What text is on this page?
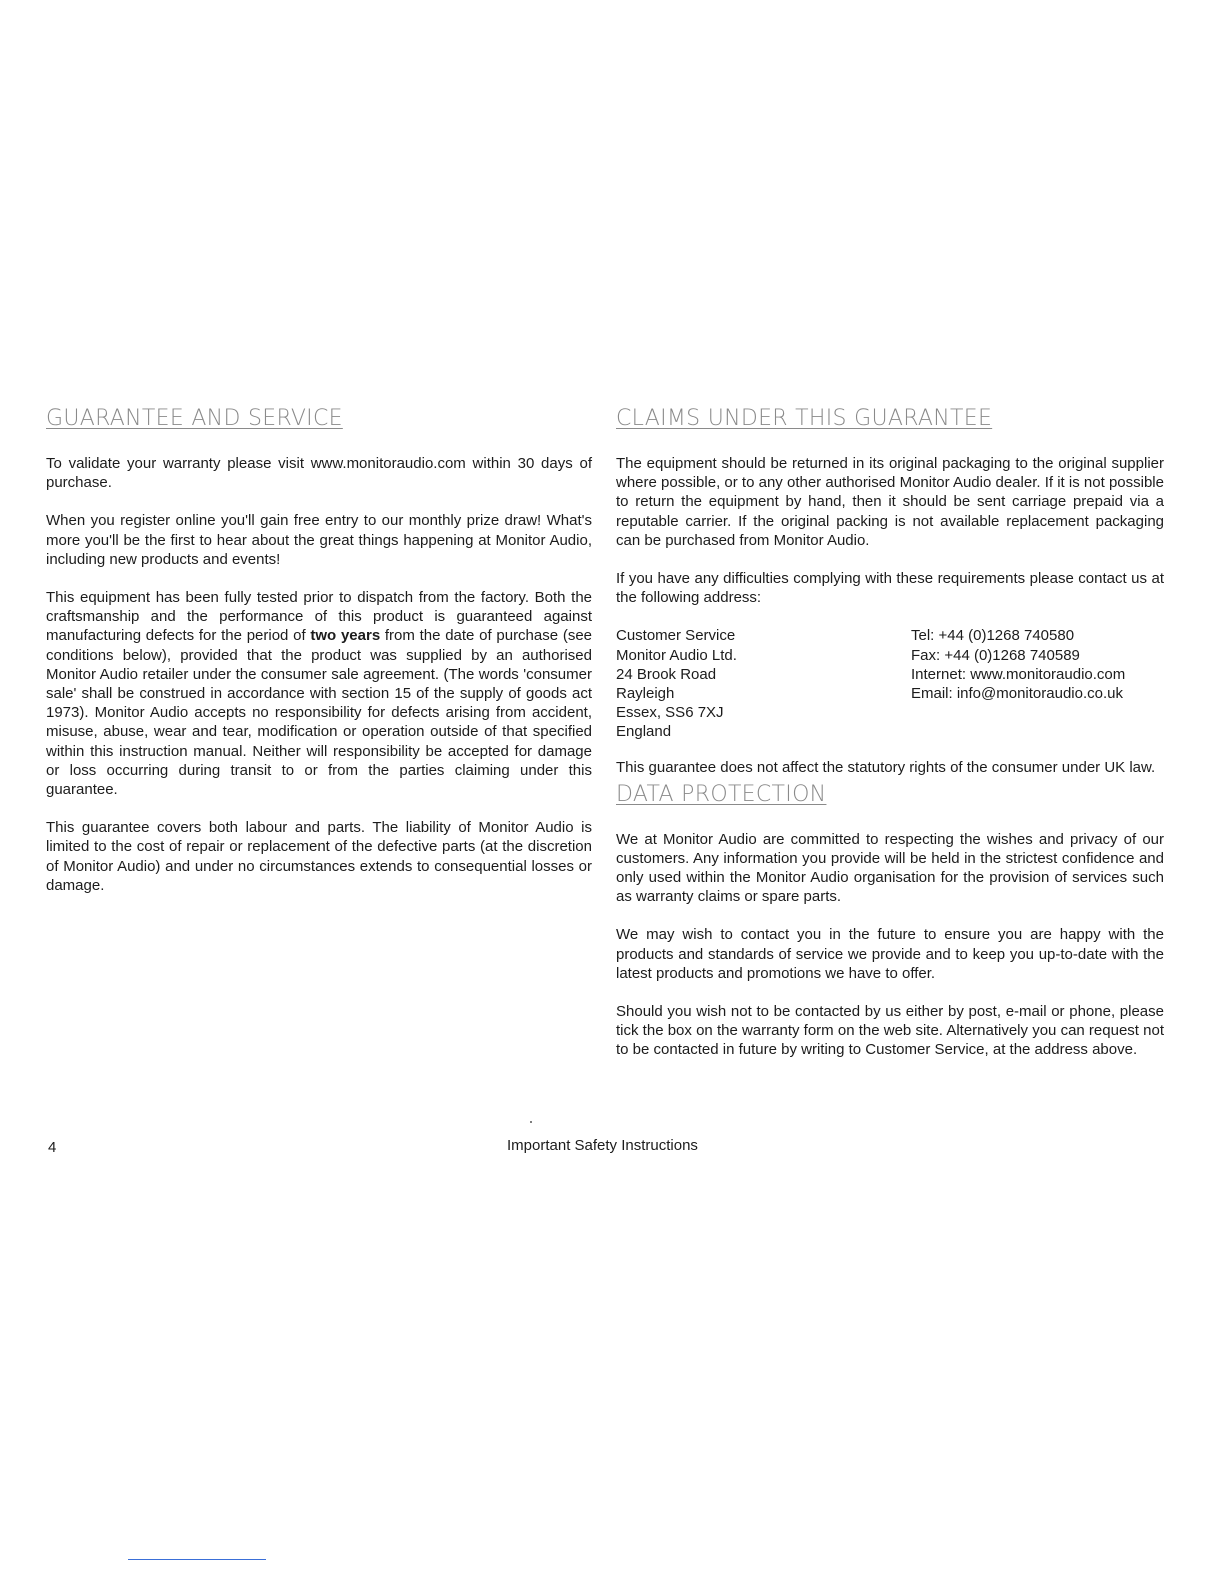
GUARANTEE AND SERVICE

To validate your warranty please visit www.monitoraudio.com within 30 days of purchase.

When you register online you'll gain free entry to our monthly prize draw! What's more you'll be the first to hear about the great things happening at Monitor Audio, including new products and events!

This equipment has been fully tested prior to dispatch from the factory. Both the craftsmanship and the performance of this product is guaranteed against manufacturing defects for the period of two years from the date of purchase (see conditions below), provided that the product was supplied by an authorised Monitor Audio retailer under the consumer sale agreement. (The words 'consumer sale' shall be construed in accordance with section 15 of the supply of goods act 1973). Monitor Audio accepts no responsibility for defects arising from accident, misuse, abuse, wear and tear, modification or operation outside of that specified within this instruction manual. Neither will responsibility be accepted for damage or loss occurring during transit to or from the parties claiming under this guarantee.

This guarantee covers both labour and parts. The liability of Monitor Audio is limited to the cost of repair or replacement of the defective parts (at the discretion of Monitor Audio) and under no circumstances extends to consequential losses or damage.

CLAIMS UNDER THIS GUARANTEE

The equipment should be returned in its original packaging to the original supplier where possible, or to any other authorised Monitor Audio dealer. If it is not possible to return the equipment by hand, then it should be sent carriage prepaid via a reputable carrier. If the original packing is not available replacement packaging can be purchased from Monitor Audio.

If you have any difficulties complying with these requirements please contact us at the following address:

Customer Service
Monitor Audio Ltd.
24 Brook Road
Rayleigh
Essex, SS6 7XJ
England
Tel: +44 (0)1268 740580
Fax: +44 (0)1268 740589
Internet: www.monitoraudio.com
Email: info@monitoraudio.co.uk

This guarantee does not affect the statutory rights of the consumer under UK law.

DATA PROTECTION

We at Monitor Audio are committed to respecting the wishes and privacy of our customers. Any information you provide will be held in the strictest confidence and only used within the Monitor Audio organisation for the provision of services such as warranty claims or spare parts.

We may wish to contact you in the future to ensure you are happy with the products and standards of service we provide and to keep you up-to-date with the latest products and promotions we have to offer.

Should you wish not to be contacted by us either by post, e-mail or phone, please tick the box on the warranty form on the web site. Alternatively you can request not to be contacted in future by writing to Customer Service, at the address above.

4	Important Safety Instructions
